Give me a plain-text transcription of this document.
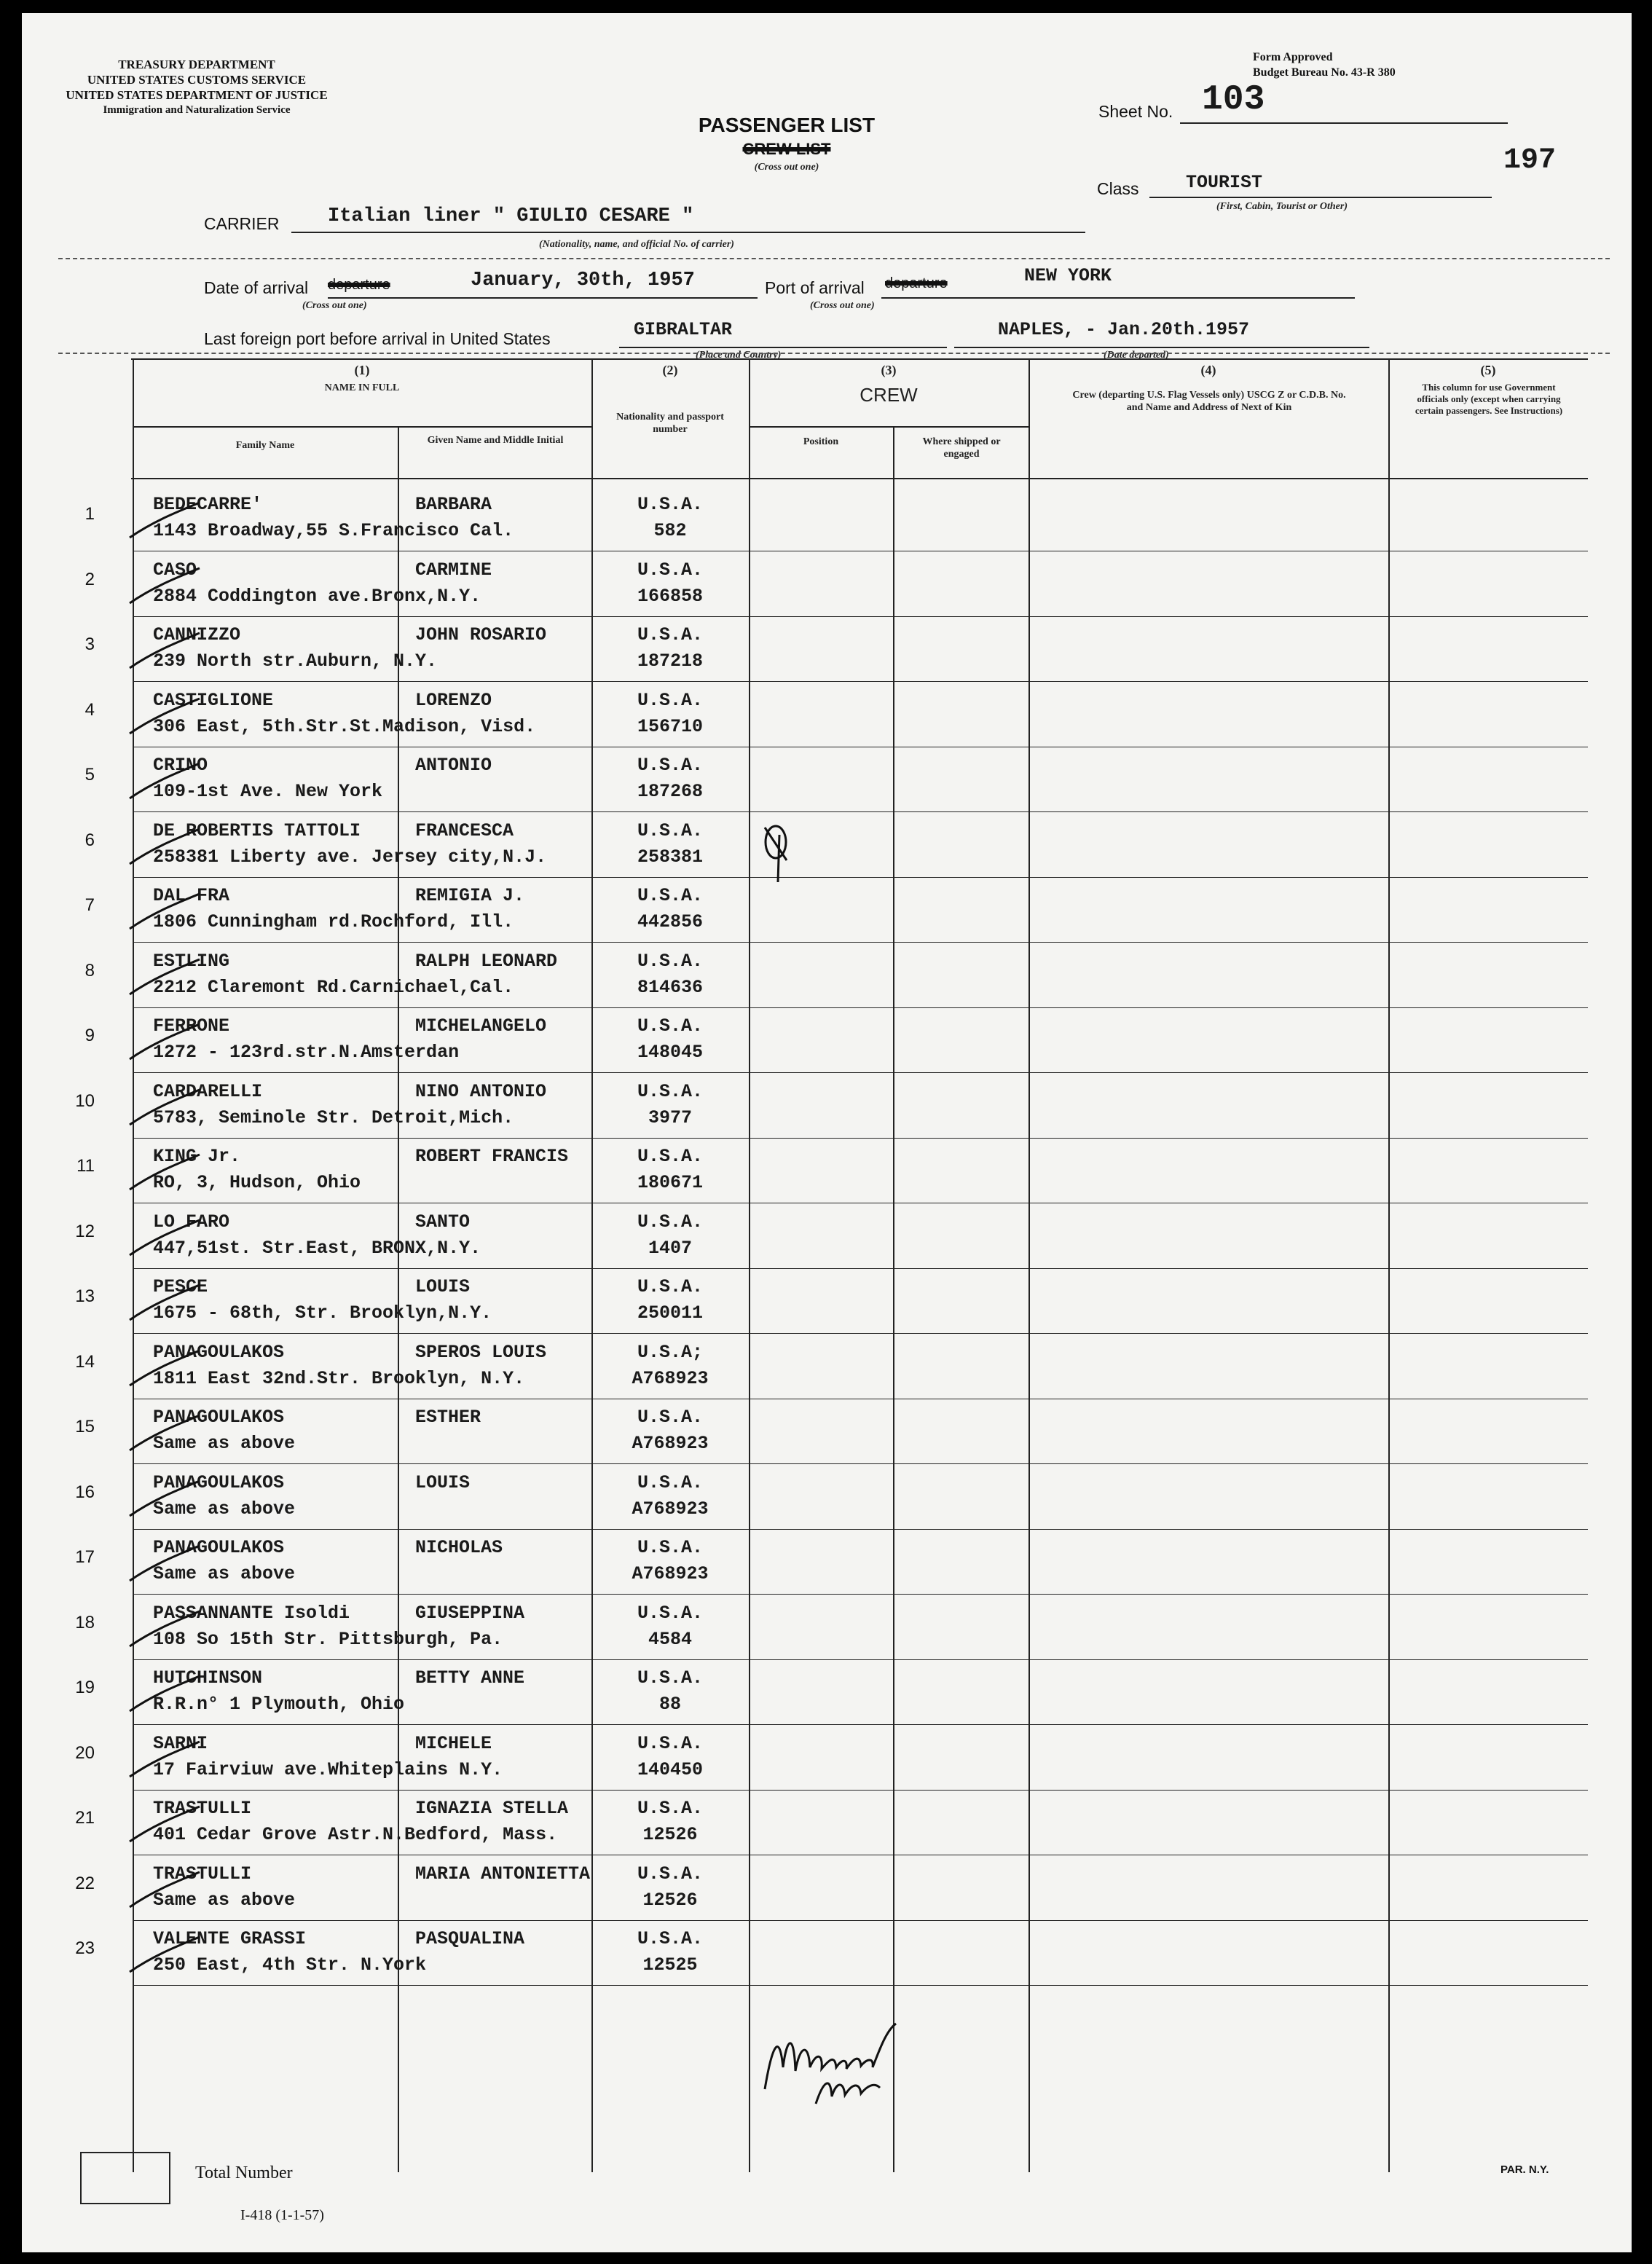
TREASURY DEPARTMENT
UNITED STATES CUSTOMS SERVICE
UNITED STATES DEPARTMENT OF JUSTICE
Immigration and Naturalization Service
Form Approved
Budget Bureau No. 43-R 380
PASSENGER LIST
CREW LIST
(Cross out one)
Sheet No. 103
197
Class	TOURIST
(First, Cabin, Tourist or Other)
CARRIER Italian liner " GIULIO CESARE "
(Nationality, name, and official No. of carrier)
Date of arrival departure	January, 30th, 1957
(Cross out one)
Port of arrival departure	NEW YORK
(Cross out one)
Last foreign port before arrival in United States	GIBRALTAR
(Place and Country)
NAPLES, - Jan.20th.1957
(Date departed)
(1)
NAME IN FULL
Family Name	Given Name and Middle Initial
(2)
Nationality and passport number
(3)
CREW
Position	Where shipped or engaged
(4)
Crew (departing U.S. Flag Vessels only) USCG Z or C.D.B. No. and Name and Address of Next of Kin
(5)
This column for use Government officials only (except when carrying certain passengers. See Instructions)
1	BEDECARRE'	BARBARA
1143 Broadway,55 S.Francisco Cal.
U.S.A.
582
2	CASO	CARMINE
2884 Coddington ave.Bronx,N.Y.
U.S.A.
166858
3	CANNIZZO	JOHN ROSARIO
239 North str.Auburn, N.Y.
U.S.A.
187218
4	CASTIGLIONE	LORENZO
306 East, 5th.Str.St.Madison, Visd.
U.S.A.
156710
5	CRINO	ANTONIO
109-1st Ave. New York
U.S.A.
187268
6	DE ROBERTIS TATTOLI	FRANCESCA
258381 Liberty ave. Jersey city,N.J.
U.S.A.
258381
7	DAL FRA	REMIGIA J.
1806 Cunningham rd.Rochford, Ill.
U.S.A.
442856
8	ESTLING	RALPH LEONARD
2212 Claremont Rd.Carnichael,Cal.
U.S.A.
814636
9	FERRONE	MICHELANGELO
1272 - 123rd.str.N.Amsterdan
U.S.A.
148045
10	CARDARELLI	NINO ANTONIO
5783, Seminole Str. Detroit,Mich.
U.S.A.
3977
11	KING Jr.	ROBERT FRANCIS
RO, 3, Hudson, Ohio
U.S.A.
180671
12	LO FARO	SANTO
447,51st. Str.East, BRONX,N.Y.
U.S.A.
1407
13	PESCE	LOUIS
1675 - 68th, Str. Brooklyn,N.Y.
U.S.A.
250011
14	PANAGOULAKOS	SPEROS LOUIS
1811 East 32nd.Str. Brooklyn, N.Y.
U.S.A;
A768923
15	PANAGOULAKOS	ESTHER
Same as above
U.S.A.
A768923
16	PANAGOULAKOS	LOUIS
Same as above
U.S.A.
A768923
17	PANAGOULAKOS	NICHOLAS
Same as above
U.S.A.
A768923
18	PASSANNANTE Isoldi	GIUSEPPINA
108 So 15th Str. Pittsburgh, Pa.
U.S.A.
4584
19	HUTCHINSON	BETTY ANNE
R.R.n° 1 Plymouth, Ohio
U.S.A.
88
20	SARNI	MICHELE
17 Fairviuw ave.Whiteplains N.Y.
U.S.A.
140450
21	TRASTULLI	IGNAZIA STELLA
401 Cedar Grove Astr.N.Bedford, Mass.
U.S.A.
12526
22	TRASTULLI	MARIA ANTONIETTA
Same as above
U.S.A.
12526
23	VALENTE GRASSI	PASQUALINA
250 East, 4th Str. N.York
U.S.A.
12525
Total Number
I-418 (1-1-57)
PAR. N.Y.
